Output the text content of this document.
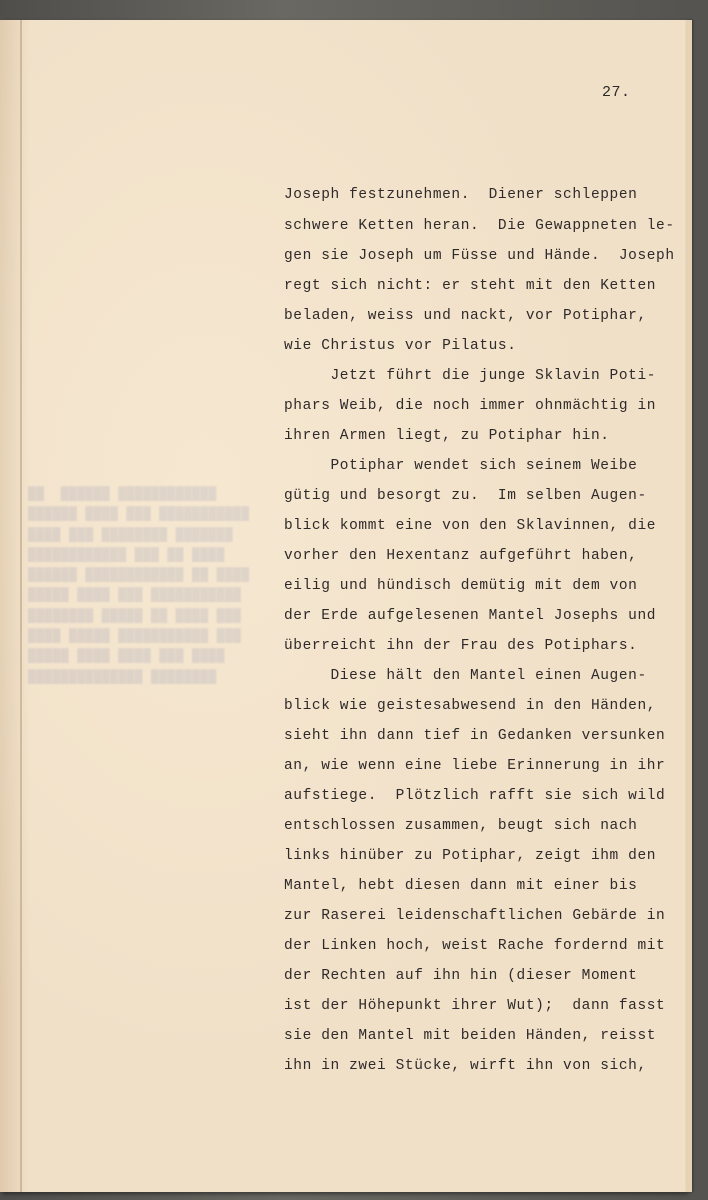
██  ██████ ████████████
██████ ████ ███ ███████████
████ ███ ████████ ███████
████████████ ███ ██ ████
██████ ████████████ ██ ████
█████ ████ ███ ███████████
████████ █████ ██ ████ ███
████ █████ ███████████ ███
█████ ████ ████ ███ ████
██████████████ ████████
27.
Joseph festzunehmen.  Diener schleppen
schwere Ketten heran.  Die Gewappneten le-
gen sie Joseph um Füsse und Hände.  Joseph
regt sich nicht: er steht mit den Ketten
beladen, weiss und nackt, vor Potiphar,
wie Christus vor Pilatus.
Jetzt führt die junge Sklavin Poti-
phars Weib, die noch immer ohnmächtig in
ihren Armen liegt, zu Potiphar hin.
Potiphar wendet sich seinem Weibe
gütig und besorgt zu.  Im selben Augen-
blick kommt eine von den Sklavinnen, die
vorher den Hexentanz aufgeführt haben,
eilig und hündisch demütig mit dem von
der Erde aufgelesenen Mantel Josephs und
überreicht ihn der Frau des Potiphars.
Diese hält den Mantel einen Augen-
blick wie geistesabwesend in den Händen,
sieht ihn dann tief in Gedanken versunken
an, wie wenn eine liebe Erinnerung in ihr
aufstiege.  Plötzlich rafft sie sich wild
entschlossen zusammen, beugt sich nach
links hinüber zu Potiphar, zeigt ihm den
Mantel, hebt diesen dann mit einer bis
zur Raserei leidenschaftlichen Gebärde in
der Linken hoch, weist Rache fordernd mit
der Rechten auf ihn hin (dieser Moment
ist der Höhepunkt ihrer Wut);  dann fasst
sie den Mantel mit beiden Händen, reisst
ihn in zwei Stücke, wirft ihn von sich,
